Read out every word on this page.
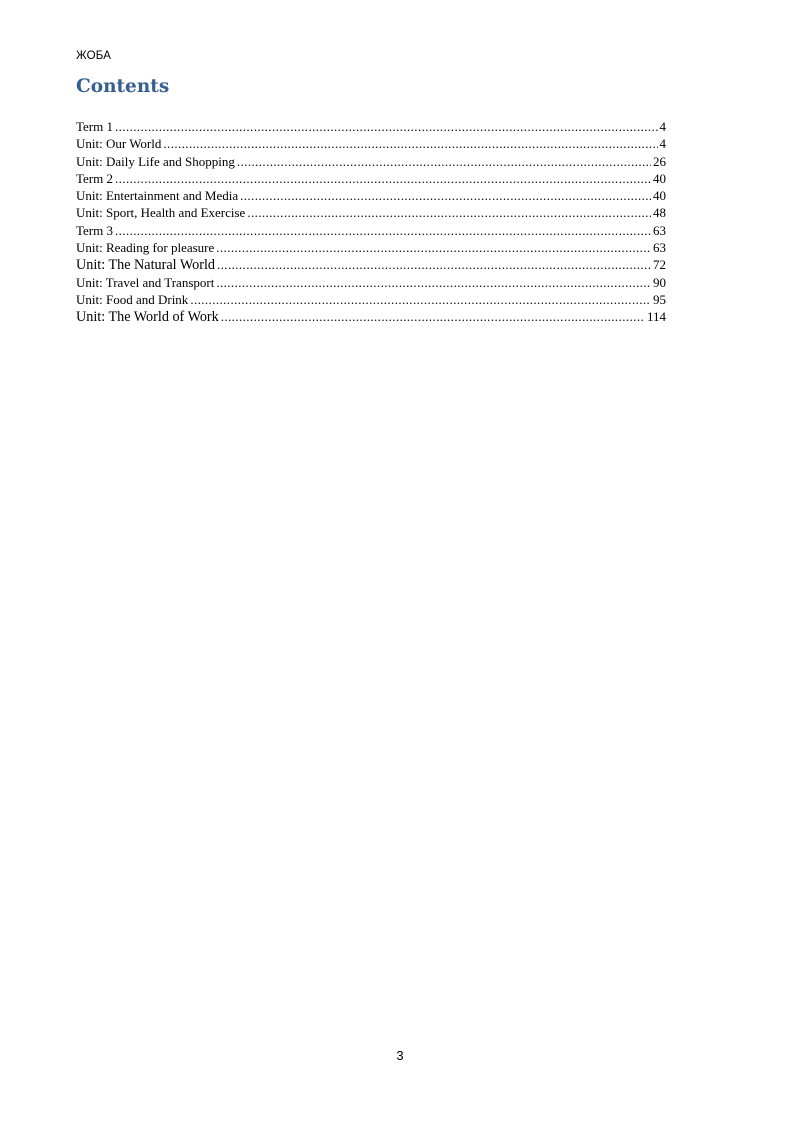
ЖОБА
Contents
Term 1 .....	4
Unit: Our World .....	4
Unit: Daily Life and Shopping .....	26
Term 2 .....	40
Unit: Entertainment and Media .....	40
Unit: Sport, Health and Exercise .....	48
Term 3 .....	63
Unit: Reading for pleasure .....	63
Unit: The Natural World .....	72
Unit: Travel and Transport .....	90
Unit: Food and Drink .....	95
Unit: The World of Work .....	114
3
